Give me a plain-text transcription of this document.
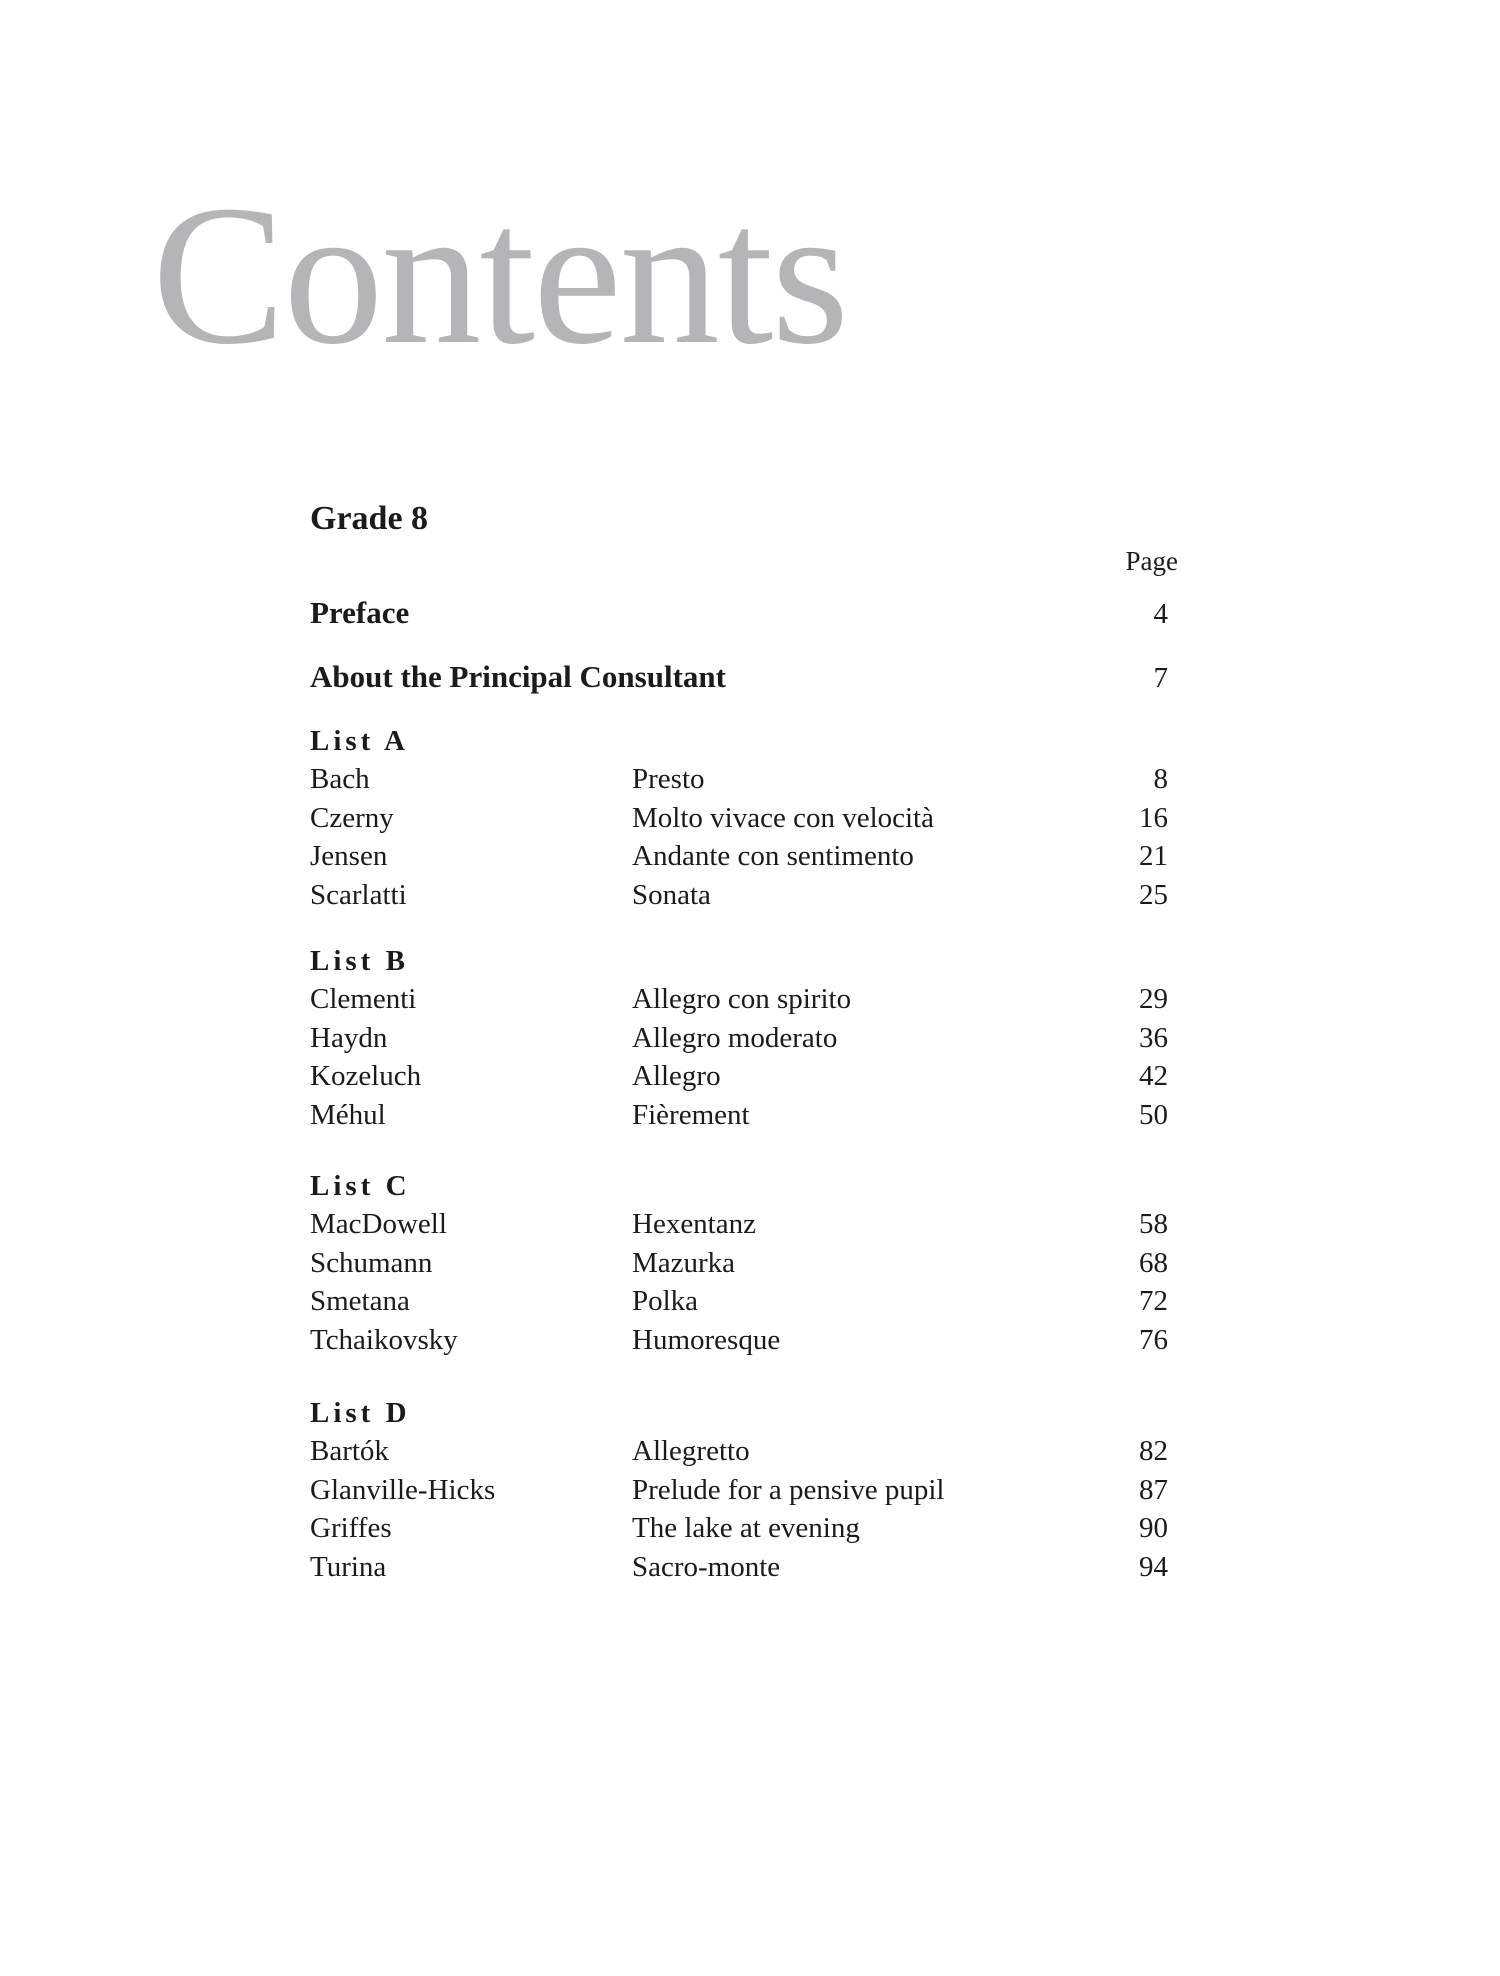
Contents
Grade 8
Page
Preface	4
About the Principal Consultant	7
List A
Bach	Presto	8
Czerny	Molto vivace con velocità	16
Jensen	Andante con sentimento	21
Scarlatti	Sonata	25
List B
Clementi	Allegro con spirito	29
Haydn	Allegro moderato	36
Kozeluch	Allegro	42
Méhul	Fièrement	50
List C
MacDowell	Hexentanz	58
Schumann	Mazurka	68
Smetana	Polka	72
Tchaikovsky	Humoresque	76
List D
Bartók	Allegretto	82
Glanville-Hicks	Prelude for a pensive pupil	87
Griffes	The lake at evening	90
Turina	Sacro-monte	94
